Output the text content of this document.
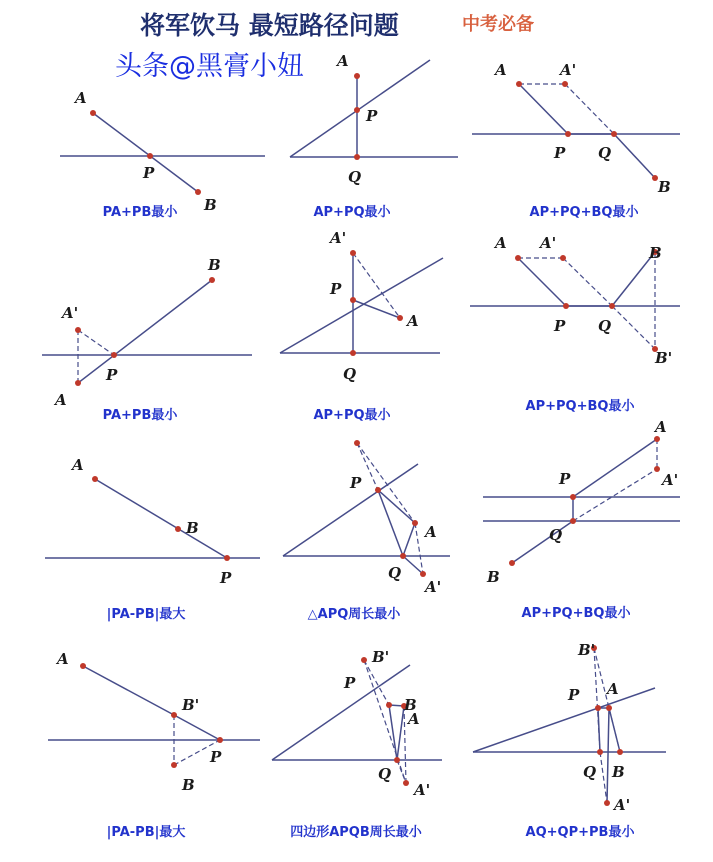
将军饮马 最短路径问题	中考必备
头条@黑膏小妞
A
P
B
PA+PB最小
A
P
Q
AP+PQ最小
A	A'
P Q
B
AP+PQ+BQ最小
B
A'
P
A
PA+PB最小
A'
P
A
Q
AP+PQ最小
A A'
B
P Q
B'
AP+PQ+BQ最小
A
B
P
|PA-PB|最大
P
A
Q
A'
△APQ周长最小
A
P	A'
Q
B
AP+PQ+BQ最小
A
B'
P
B
|PA-PB|最大
B'
P
B
A
Q
A'
四边形APQB周长最小
B'
A
P
Q B
A'
AQ+QP+PB最小
